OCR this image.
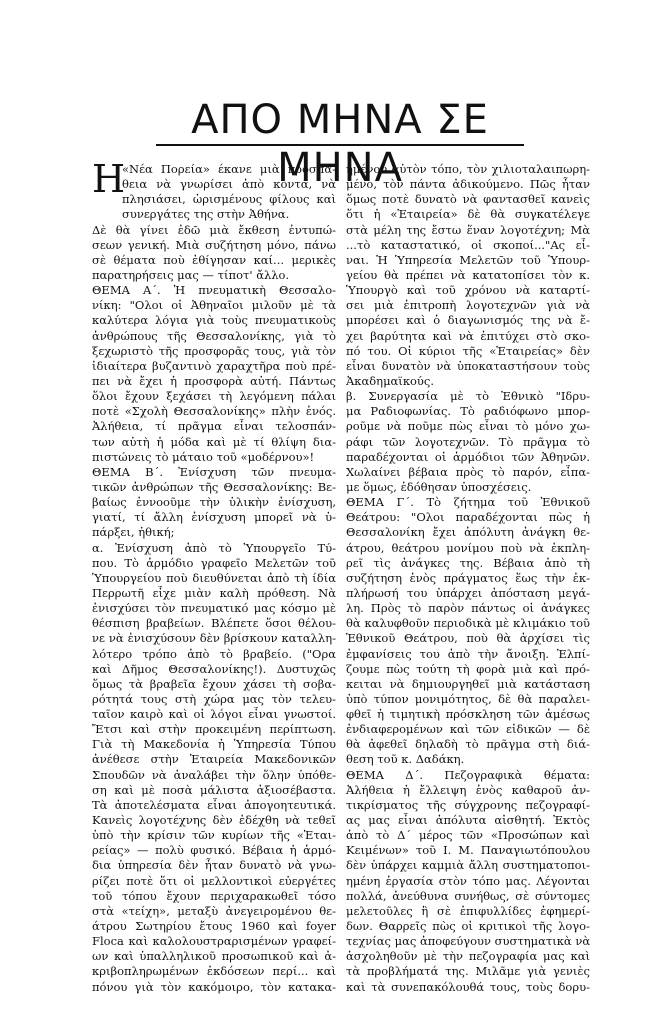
ΑΠΟ ΜΗΝΑ ΣΕ ΜΗΝΑ
Η
«Νέα Πορεία» έκανε μιὰ προσπά-
θεια νὰ γνωρίσει ἀπὸ κοντά, νὰ
πλησιάσει, ὡρισμένους φίλους καὶ
συνεργάτες της στὴν Ἀθήνα.
Δὲ θὰ γίνει ἐδῶ μιὰ ἔκθεση ἐντυπώ-
σεων γενική. Μιὰ συζήτηση μόνο, πάνω
σὲ θέματα ποὺ ἐθίγησαν καί... μερικὲς
παρατηρήσεις μας — τίποτ' ἄλλο.
ΘΕΜΑ Α΄. Ἡ πνευματικὴ Θεσσαλο-
νίκη: "Ολοι οἱ Ἀθηναῖοι μιλοῦν μὲ τὰ
καλύτερα λόγια γιὰ τοὺς πνευματικοὺς
ἀνθρώπους τῆς Θεσσαλονίκης, γιὰ τὸ
ξεχωριστὸ τῆς προσφορᾶς τους, γιὰ τὸν
ἰδιαίτερα βυζαντινὸ χαραχτῆρα ποὺ πρέ-
πει νὰ ἔχει ἡ προσφορὰ αὐτή. Πάντως
ὅλοι ἔχουν ξεχάσει τὴ λεγόμενη πάλαι
ποτὲ «Σχολὴ Θεσσαλονίκης» πλὴν ἑνός.
Ἀλήθεια, τί πρᾶγμα εἶναι τελοσπάν-
των αὐτὴ ἡ μόδα καὶ μὲ τί θλίψη δια-
πιστώνεις τὸ μάταιο τοῦ «μοδέρνου»!
ΘΕΜΑ Β΄. Ἐνίσχυση τῶν πνευμα-
τικῶν ἀνθρώπων τῆς Θεσσαλονίκης: Βε-
βαίως ἐννοοῦμε τὴν ὑλικὴν ἐνίσχυση,
γιατί, τί ἄλλη ἐνίσχυση μπορεῖ νὰ ὑ-
πάρξει, ἠθική;
α. Ἐνίσχυση ἀπὸ τὸ Ὑπουργεῖο Τύ-
που. Τὸ ἁρμόδιο γραφεῖο Μελετῶν τοῦ
Ὑπουργείου ποὺ διευθύνεται ἀπὸ τὴ ίδία
Περρωτῆ εἶχε μιὰν καλὴ πρόθεση. Νὰ
ἐνισχύσει τὸν πνευματικό μας κόσμο μὲ
θέσπιση βραβείων. Βλέπετε ὅσοι θέλου-
νε νὰ ἐνισχύσουν δὲν βρίσκουν καταλλη-
λότερο τρόπο ἀπὸ τὸ βραβείο. ("Ορα
καὶ Δῆμος Θεσσαλονίκης!). Δυστυχῶς
ὅμως τὰ βραβεῖα ἔχουν χάσει τὴ σοβα-
ρότητά τους στὴ χώρα μας τὸν τελευ-
ταῖον καιρὸ καὶ οἱ λόγοι εἶναι γνωστοί.
Ἔτσι καὶ στὴν προκειμένη περίπτωση.
Γιὰ τὴ Μακεδονία ἡ Ὑπηρεσία Τύπου
ἀνέθεσε στὴν Ἑταιρεία Μακεδονικῶν
Σπουδῶν νὰ ἀναλάβει τὴν ὅλην ὑπόθε-
ση καὶ μὲ ποσὰ μάλιστα ἀξιοσέβαστα.
Τὰ ἀποτελέσματα εἶναι ἀπογοητευτικά.
Κανεὶς λογοτέχνης δὲν ἐδέχθη νὰ τεθεῖ
ὑπὸ τὴν κρίσιν τῶν κυρίων τῆς «Ἑται-
ρείας» — πολὺ φυσικό. Βέβαια ἡ ἁρμό-
δια ὑπηρεσία δὲν ἦταν δυνατὸ νὰ γνω-
ρίζει ποτὲ ὅτι οἱ μελλοντικοὶ εὐεργέτες
τοῦ τόπου ἔχουν περιχαρακωθεῖ τόσο
στὰ «τείχη», μεταξὺ ἀνεγειρομένου θε-
άτρου Σωτηρίου ἔτους 1960 καὶ foyer
Floca καὶ καλολουστραρισμένων γραφεί-
ων καὶ ὑπαλληλικοῦ προσωπικοῦ καὶ ἀ-
κριβοπληρωμένων ἐκδόσεων περί... καὶ
πόνου γιὰ τὸν κακόμοιρο, τὸν κατακα-
ημένον αὐτὸν τόπο, τὸν χιλιοταλαιπωρη-
μένο, τὸν πάντα ἀδικούμενο. Πῶς ἦταν
ὅμως ποτὲ δυνατὸ νὰ φαντασθεῖ κανεὶς
ὅτι ἡ «Ἑταιρεία» δὲ θὰ συγκατέλεγε
στὰ μέλη της ἔστω ἕναν λογοτέχνη; Μὰ
...τὸ καταστατικό, οἱ σκοποί..."Ας εἶ-
ναι. Ἡ Ὑπηρεσία Μελετῶν τοῦ Ὑπουρ-
γείου θὰ πρέπει νὰ κατατοπίσει τὸν κ.
Ὑπουργὸ καὶ τοῦ χρόνου νὰ καταρτί-
σει μιὰ ἐπιτροπὴ λογοτεχνῶν γιὰ νὰ
μπορέσει καὶ ὁ διαγωνισμός της νὰ ἔ-
χει βαρύτητα καὶ νὰ ἐπιτύχει στὸ σκο-
πό του. Οἱ κύριοι τῆς «Ἑταιρείας» δὲν
εἶναι δυνατὸν νὰ ὑποκαταστήσουν τοὺς
Ἀκαδημαϊκούς.
β. Συνεργασία μὲ τὸ Ἐθνικὸ "Ιδρυ-
μα Ραδιοφωνίας. Τὸ ραδιόφωνο μπορ-
ροῦμε νὰ ποῦμε πὼς εἶναι τὸ μόνο χω-
ράφι τῶν λογοτεχνῶν. Τὸ πρᾶγμα τὸ
παραδέχονται οἱ ἁρμόδιοι τῶν Ἀθηνῶν.
Χωλαίνει βέβαια πρὸς τὸ παρόν, εἶπα-
με ὅμως, ἐδόθησαν ὑποσχέσεις.
ΘΕΜΑ Γ΄. Τὸ ζήτημα τοῦ Ἐθνικοῦ
Θεάτρου: "Ολοι παραδέχονται πὼς ἡ
Θεσσαλονίκη ἔχει ἀπόλυτη ἀνάγκη θε-
άτρου, θεάτρου μονίμου ποὺ νὰ ἐκπλη-
ρεῖ τὶς ἀνάγκες της. Βέβαια ἀπὸ τὴ
συζήτηση ἑνὸς πράγματος ἕως τὴν ἐκ-
πλήρωσή του ὑπάρχει ἀπόσταση μεγά-
λη. Πρὸς τὸ παρὸν πάντως οἱ ἀνάγκες
θὰ καλυφθοῦν περιοδικὰ μὲ κλιμάκιο τοῦ
Ἐθνικοῦ Θεάτρου, ποὺ θὰ ἀρχίσει τὶς
ἐμφανίσεις του ἀπὸ τὴν ἄνοιξη. Ἐλπί-
ζουμε πὼς τούτη τὴ φορὰ μιὰ καὶ πρό-
κειται νὰ δημιουργηθεῖ μιὰ κατάσταση
ὑπὸ τύπον μονιμότητος, δὲ θὰ παραλει-
φθεῖ ἡ τιμητικὴ πρόσκληση τῶν ἀμέσως
ἐνδιαφερομένων καὶ τῶν εἰδικῶν — δὲ
θὰ ἀφεθεῖ δηλαδὴ τὸ πρᾶγμα στὴ διά-
θεση τοῦ κ. Δαδάκη.
ΘΕΜΑ Δ΄. Πεζογραφικὰ θέματα:
Ἀλήθεια ἡ ἔλλειψη ἑνὸς καθαροῦ ἀν-
τικρίσματος τῆς σύγχρονης πεζογραφί-
ας μας εἶναι ἀπόλυτα αἰσθητή. Ἐκτὸς
ἀπὸ τὸ Δ΄ μέρος τῶν «Προσώπων καὶ
Κειμένων» τοῦ Ι. Μ. Παναγιωτόπουλου
δὲν ὑπάρχει καμμιὰ ἄλλη συστηματοποι-
ημένη ἐργασία στὸν τόπο μας. Λέγονται
πολλά, ἀνεύθυνα συνήθως, σὲ σύντομες
μελετοῦλες ἢ σὲ ἐπιφυλλίδες ἐφημερί-
δων. Θαρρεῖς πὼς οἱ κριτικοὶ τῆς λογο-
τεχνίας μας ἀποφεύγουν συστηματικὰ νὰ
ἀσχοληθοῦν μὲ τὴν πεζογραφία μας καὶ
τὰ προβλήματά της. Μιλᾶμε γιὰ γενιὲς
καὶ τὰ συνεπακόλουθά τους, τοὺς δορυ-
